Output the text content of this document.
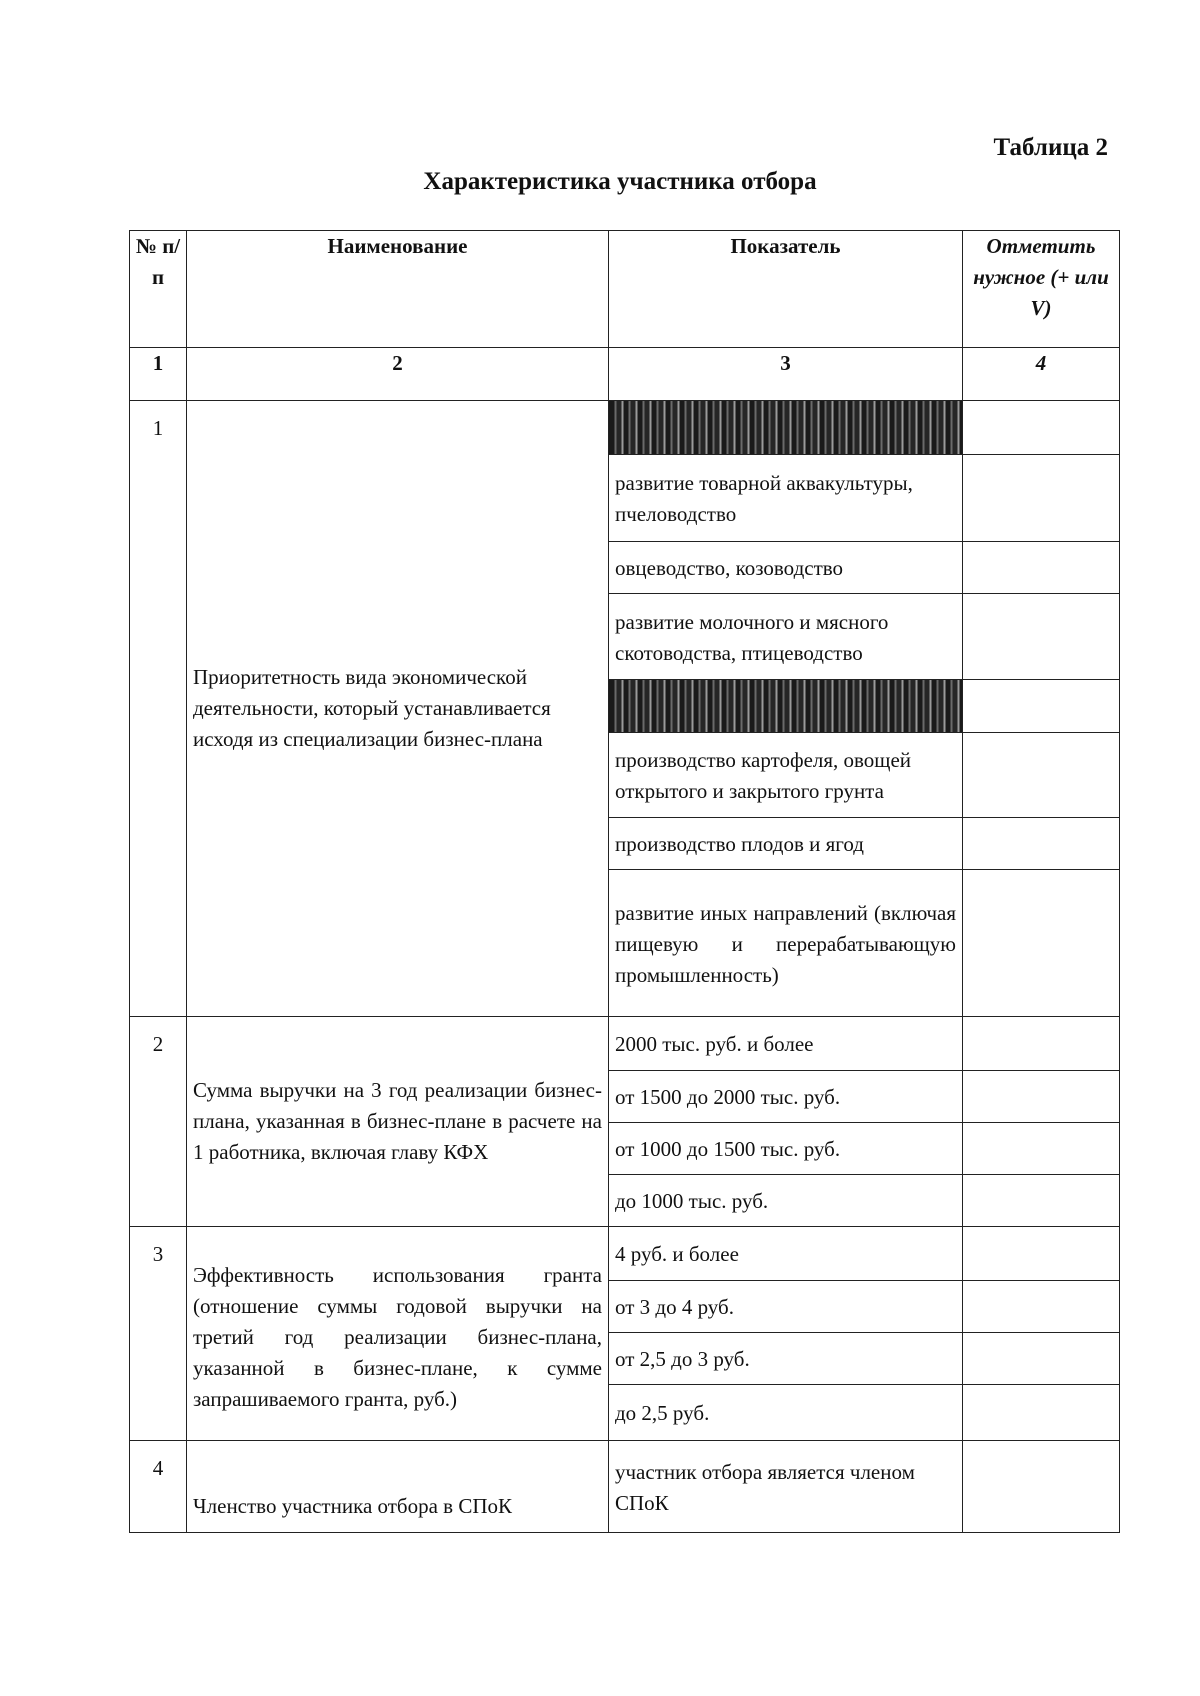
Таблица 2
Характеристика участника отбора
№ п/п	Наименование	Показатель	Отметить нужное (+ или V)
1	2	3	4
1	Приоритетность вида экономической деятельности, который устанавливается исходя из специализации бизнес-плана		
		развитие товарной аквакультуры, пчеловодство	
		овцеводство, козоводство	
		развитие молочного и мясного скотоводства, птицеводство	

		производство картофеля, овощей открытого и закрытого грунта	
		производство плодов и ягод	
		развитие иных направлений (включая пищевую и перерабатывающую промышленность)	
2	Сумма выручки на 3 год реализации бизнес-плана, указанная в бизнес-плане в расчете на 1 работника, включая главу КФХ	2000 тыс. руб. и более	
		от 1500 до 2000 тыс. руб.	
		от 1000 до 1500 тыс. руб.	
		до 1000 тыс. руб.	
3	Эффективность использования гранта (отношение суммы годовой выручки на третий год реализации бизнес-плана, указанной в бизнес-плане, к сумме запрашиваемого гранта, руб.)	4 руб. и более	
		от 3 до 4 руб.	
		от 2,5 до 3 руб.	
		до 2,5 руб.	
4	Членство участника отбора в СПоК	участник отбора является членом СПоК	
